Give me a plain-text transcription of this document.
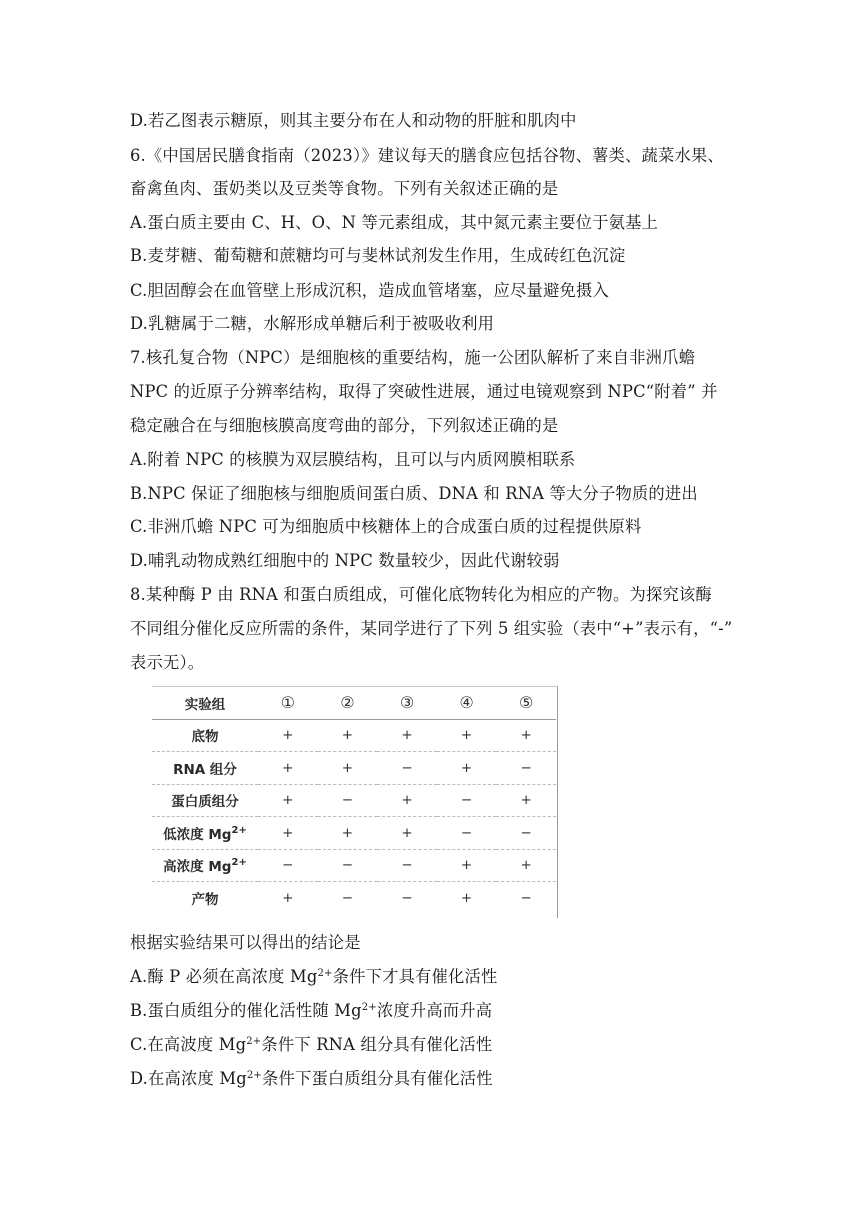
D.若乙图表示糖原，则其主要分布在人和动物的肝脏和肌肉中
6.《中国居民膳食指南（2023）》建议每天的膳食应包括谷物、薯类、蔬菜水果、
畜禽鱼肉、蛋奶类以及豆类等食物。下列有关叙述正确的是
A.蛋白质主要由 C、H、O、N 等元素组成，其中氮元素主要位于氨基上
B.麦芽糖、葡萄糖和蔗糖均可与斐林试剂发生作用，生成砖红色沉淀
C.胆固醇会在血管壁上形成沉积，造成血管堵塞，应尽量避免摄入
D.乳糖属于二糖，水解形成单糖后利于被吸收利用
7.核孔复合物（NPC）是细胞核的重要结构，施一公团队解析了来自非洲爪蟾
NPC 的近原子分辨率结构，取得了突破性进展，通过电镜观察到 NPC“附着” 并
稳定融合在与细胞核膜高度弯曲的部分，下列叙述正确的是
A.附着 NPC 的核膜为双层膜结构，且可以与内质网膜相联系
B.NPC 保证了细胞核与细胞质间蛋白质、DNA 和 RNA 等大分子物质的进出
C.非洲爪蟾 NPC 可为细胞质中核糖体上的合成蛋白质的过程提供原料
D.哺乳动物成熟红细胞中的 NPC 数量较少，因此代谢较弱
8.某种酶 P 由 RNA 和蛋白质组成，可催化底物转化为相应的产物。为探究该酶
不同组分催化反应所需的条件，某同学进行了下列 5 组实验（表中“+”表示有，“-”
表示无）。
实验组	①	②	③	④	⑤
底物	+	+	+	+	+
RNA 组分	+	+	−	+	−
蛋白质组分	+	−	+	−	+
低浓度 $Mg^{2+}$	+	+	+	−	−
高浓度 $Mg^{2+}$	−	−	−	+	+
产物	+	−	−	+	−
根据实验结果可以得出的结论是
A.酶 P 必须在高浓度 $Mg^{2+}$条件下才具有催化活性
B.蛋白质组分的催化活性随 $Mg^{2+}$浓度升高而升高
C.在高波度 $Mg^{2+}$条件下 RNA 组分具有催化活性
D.在高浓度 $Mg^{2+}$条件下蛋白质组分具有催化活性
